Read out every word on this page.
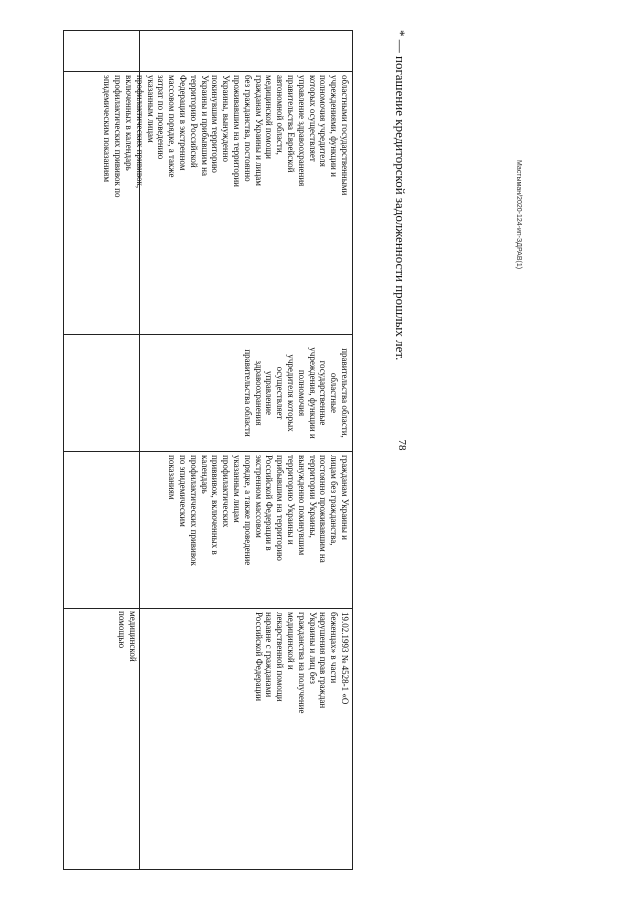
медицинской
помощью
областными государственными
учреждениями, функции и
полномочия учредителя
которых осуществляет
управление здравоохранения
правительства Еврейской
автономной области,
медицинской помощи
гражданам Украины и лицам
без гражданства, постоянно
проживавшим на территории
Украины, вынужденно
покинувшим территорию
Украины и прибывшим на
территорию Российской
Федерации в экстренном
массовом порядке, а также
затрат по проведению
указанным лицам
профилактических прививок,
включенных в календарь
профилактических прививок по
эпидемическим показаниям
правительства области,
областные
государственные
учреждения, функции и
полномочия
учредителя которых
осуществляет
управление
здравоохранения
правительства области
гражданам Украины и
лицам без гражданства,
постоянно проживавшим на
территории Украины,
вынужденно покинувшим
территорию Украины и
прибывшим на территорию
Российской Федерации в
экстренном массовом
порядке, а также проведение
указанным лицам
профилактических
приввивок, включенных в
календарь
профилактических прививок
по эпидемическим
показаниям
19.02.1993 № 4528-1 «О
беженцах» в части
нарушения прав граждан
Украины и лиц без
гражданства на получение
медицинской и
лекарственной помощи
наравне с гражданами
Российской Федерации
78
* — погашение кредиторской задолженности прошлых лет.	Мастыман/2020-124-ип-ЗДРАВ(1)
